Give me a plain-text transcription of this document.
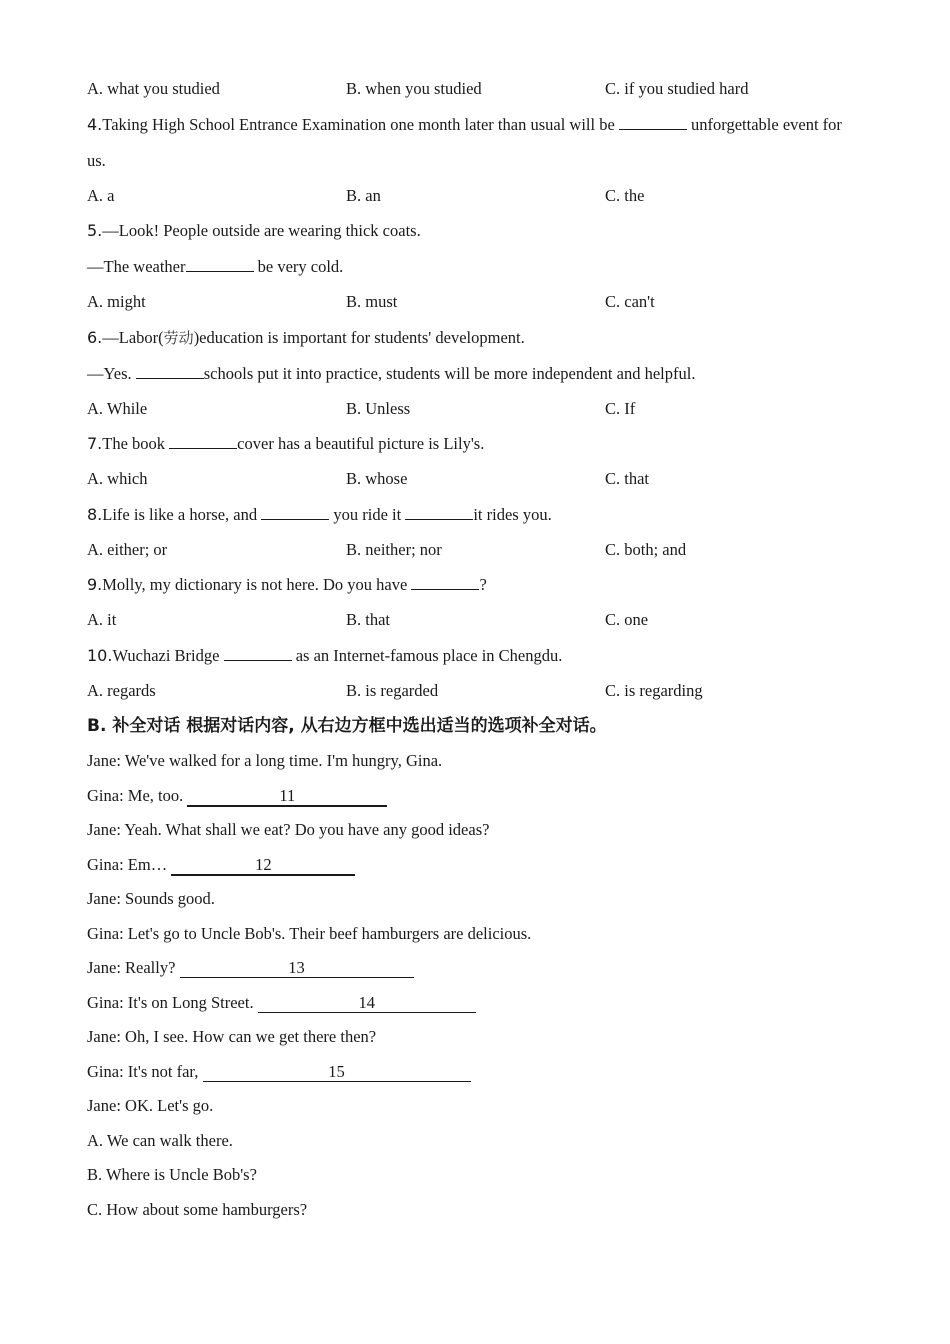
A. what you studied	B. when you studied	C. if you studied hard
4.Taking High School Entrance Examination one month later than usual will be	unforgettable event for
us.
A. a	B. an	C. the
5.—Look! People outside are wearing thick coats.
—The weather	be very cold.
A. might	B. must	C. can't
6.—Labor(劳动)education is important for students' development.
—Yes.	schools put it into practice, students will be more independent and helpful.
A. While	B. Unless	C. If
7.The book	cover has a beautiful picture is Lily's.
A. which	B. whose	C. that
8.Life is like a horse, and	you ride it	it rides you.
A. either; or	B. neither; nor	C. both; and
9.Molly, my dictionary is not here. Do you have	?
A. it	B. that	C. one
10.Wuchazi Bridge	as an Internet-famous place in Chengdu.
A. regards	B. is regarded	C. is regarding
B. 补全对话 根据对话内容, 从右边方框中选出适当的选项补全对话。
Jane: We've walked for a long time. I'm hungry, Gina.
Gina: Me, too.	11
Jane: Yeah. What shall we eat? Do you have any good ideas?
Gina: Em…	12
Jane: Sounds good.
Gina: Let's go to Uncle Bob's. Their beef hamburgers are delicious.
Jane: Really?	13
Gina: It's on Long Street.	14
Jane: Oh, I see. How can we get there then?
Gina: It's not far,	15
Jane: OK. Let's go.
A. We can walk there.
B. Where is Uncle Bob's?
C. How about some hamburgers?
